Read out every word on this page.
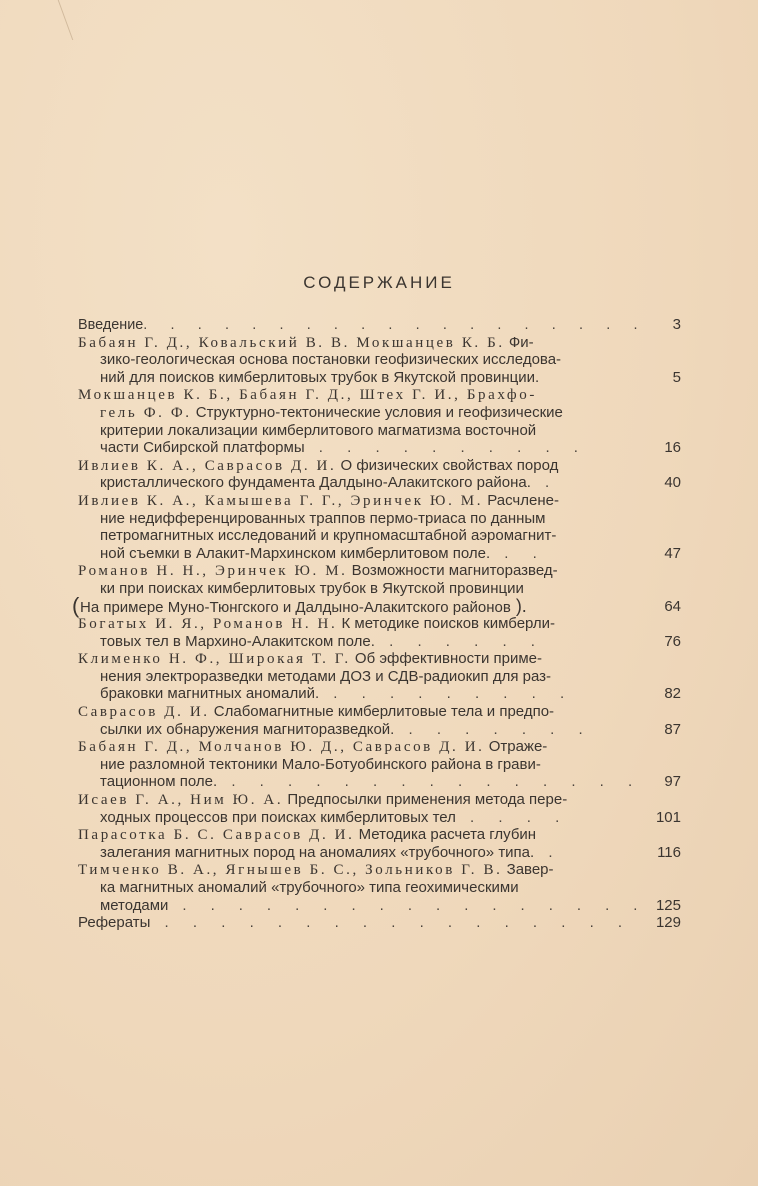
СОДЕРЖАНИЕ
Введение. . . . . . . . . . . . . . . . . . .	3
Бабаян Г. Д., Ковальский В. В. Мокшанцев К. Б. Фи-
зико-геологическая основа постановки геофизических исследова-
ний для поисков кимберлитовых трубок в Якутской провинции.	5
Мокшанцев К. Б., Бабаян Г. Д., Штех Г. И., Брахфо-
гель Ф. Ф. Структурно-тектонические условия и геофизические
критерии локализации кимберлитового магматизма восточной
части Сибирской платформы . . . . . . . . . .	16
Ивлиев К. А., Саврасов Д. И. О физических свойствах пород
кристаллического фундамента Далдыно-Алакитского района. .	40
Ивлиев К. А., Камышева Г. Г., Эринчек Ю. М. Расчлене-
ние недифференцированных траппов пермо-триаса по данным
петромагнитных исследований и крупномасштабной аэромагнит-
ной съемки в Алакит-Мархинском кимберлитовом поле. . .	47
Романов Н. Н., Эринчек Ю. М. Возможности магниторазвед-
ки при поисках кимберлитовых трубок в Якутской провинции
( На примере Муно-Тюнгского и Далдыно-Алакитского районов ).	64
Богатых И. Я., Романов Н. Н. К методике поисков кимберли-
товых тел в Мархино-Алакитском поле. . . . . . .	76
Клименко Н. Ф., Широкая Т. Г. Об эффективности приме-
нения электроразведки методами ДОЗ и СДВ-радиокип для раз-
браковки магнитных аномалий. . . . . . . . . .	82
Саврасов Д. И. Слабомагнитные кимберлитовые тела и предпо-
сылки их обнаружения магниторазведкой. . . . . . . .	87
Бабаян Г. Д., Молчанов Ю. Д., Саврасов Д. И. Отраже-
ние разломной тектоники Мало-Ботуобинского района в грави-
тационном поле. . . . . . . . . . . . . . . .	97
Исаев Г. А., Ним Ю. А. Предпосылки применения метода пере-
ходных процессов при поисках кимберлитовых тел . . . .	101
Парасотка Б. С. Саврасов Д. И. Методика расчета глубин
залегания магнитных пород на аномалиях «трубочного» типа. .	116
Тимченко В. А., Ягнышев Б. С., Зольников Г. В. Завер-
ка магнитных аномалий «трубочного» типа геохимическими
методами . . . . . . . . . . . . . . . . . 125
Рефераты . . . . . . . . . . . . . . . . .	129
